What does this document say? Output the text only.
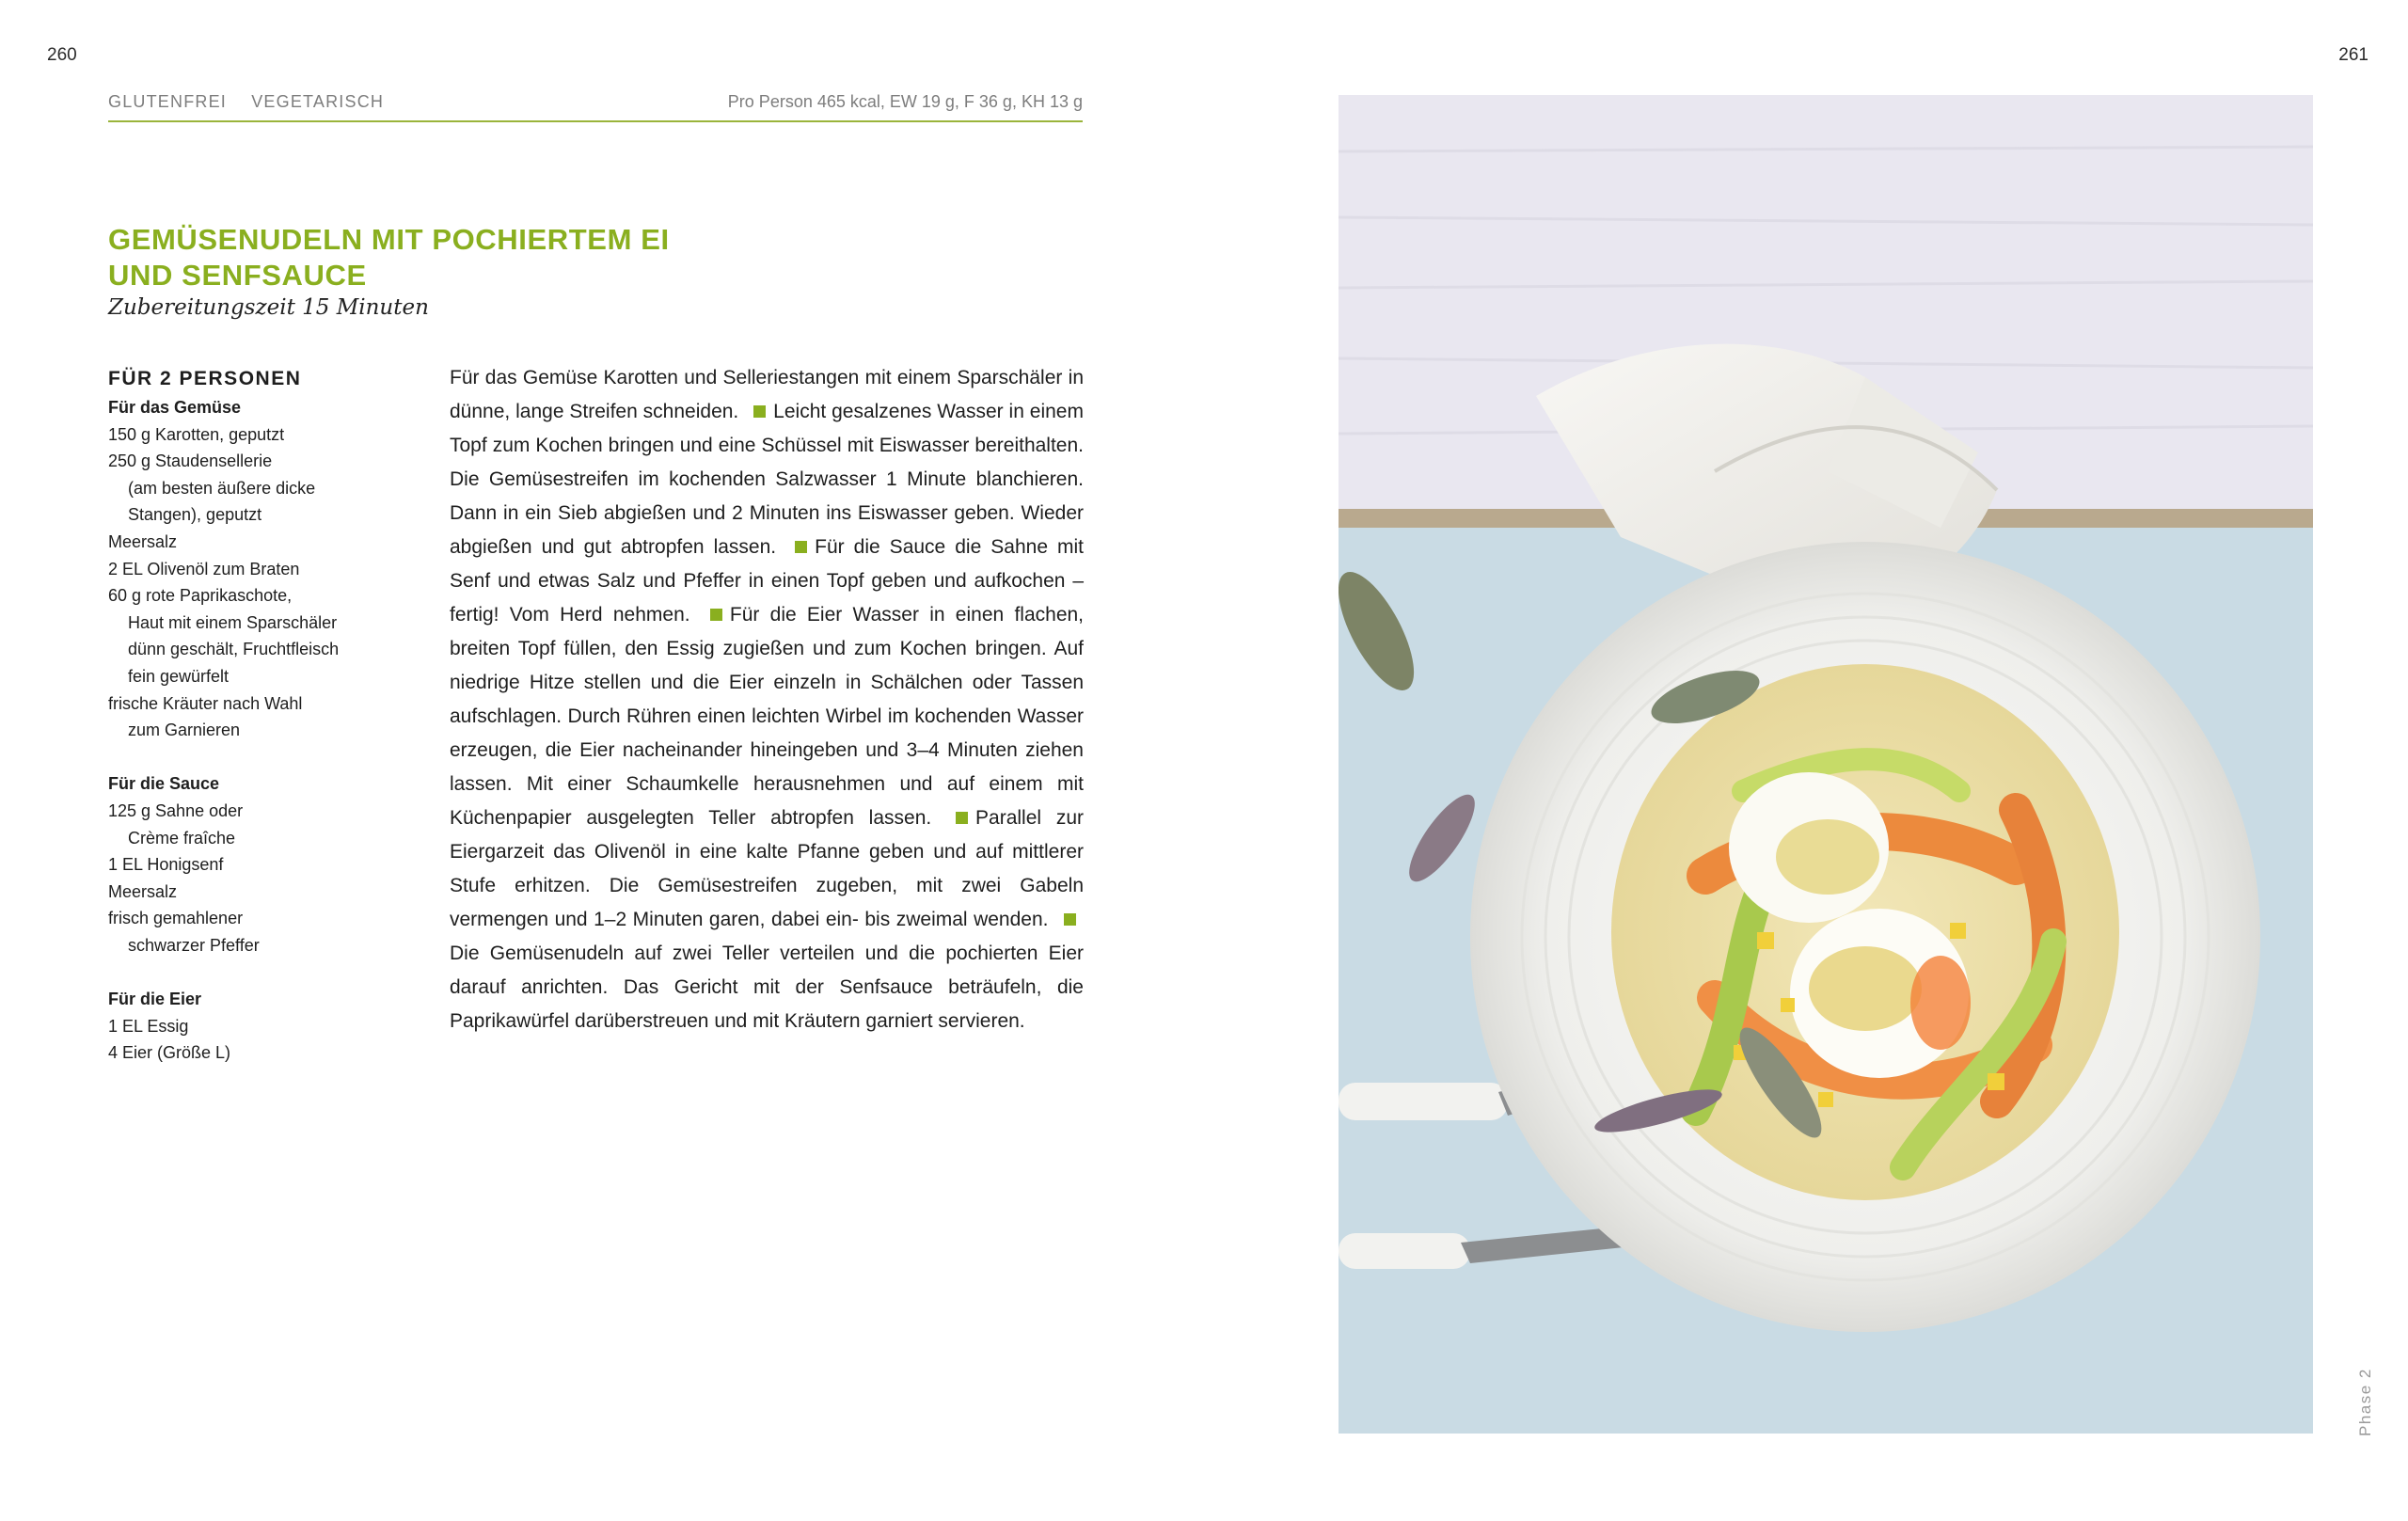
260	261
GLUTENFREI VEGETARISCH	Pro Person 465 kcal, EW 19 g, F 36 g, KH 13 g
GEMÜSENUDELN MIT POCHIERTEM EI
UND SENFSAUCE
Zubereitungszeit 15 Minuten
FÜR 2 PERSONEN
Für das Gemüse
150 g Karotten, geputzt
250 g Staudensellerie
(am besten äußere dicke
Stangen), geputzt
Meersalz
2 EL Olivenöl zum Braten
60 g rote Paprikaschote,
Haut mit einem Sparschäler
dünn geschält, Fruchtfleisch
fein gewürfelt
frische Kräuter nach Wahl
zum Garnieren
Für die Sauce
125 g Sahne oder
Crème fraîche
1 EL Honigsenf
Meersalz
frisch gemahlener
schwarzer Pfeffer
Für die Eier
1 EL Essig
4 Eier (Größe L)
Für das Gemüse Karotten und Selleriestangen mit einem Sparschäler in dünne, lange Streifen schneiden. Leicht gesalzenes Wasser in einem Topf zum Kochen bringen und eine Schüssel mit Eiswasser bereithalten. Die Gemüsestreifen im kochenden Salzwasser 1 Minute blanchieren. Dann in ein Sieb abgießen und 2 Minuten ins Eiswasser geben. Wieder abgießen und gut abtropfen lassen. Für die Sauce die Sahne mit Senf und etwas Salz und Pfeffer in einen Topf geben und aufkochen – fertig! Vom Herd nehmen. Für die Eier Wasser in einen flachen, breiten Topf füllen, den Essig zugießen und zum Kochen bringen. Auf niedrige Hitze stellen und die Eier einzeln in Schälchen oder Tassen aufschlagen. Durch Rühren einen leichten Wirbel im kochenden Wasser erzeugen, die Eier nacheinander hineingeben und 3–4 Minuten ziehen lassen. Mit einer Schaumkelle herausnehmen und auf einem mit Küchenpapier ausgelegten Teller abtropfen lassen. Parallel zur Eiergarzeit das Olivenöl in eine kalte Pfanne geben und auf mittlerer Stufe erhitzen. Die Gemüsestreifen zugeben, mit zwei Gabeln vermengen und 1–2 Minuten garen, dabei ein- bis zweimal wenden. Die Gemüsenudeln auf zwei Teller verteilen und die pochierten Eier darauf anrichten. Das Gericht mit der Senfsauce beträufeln, die Paprikawürfel darüberstreuen und mit Kräutern garniert servieren.
Phase 2
